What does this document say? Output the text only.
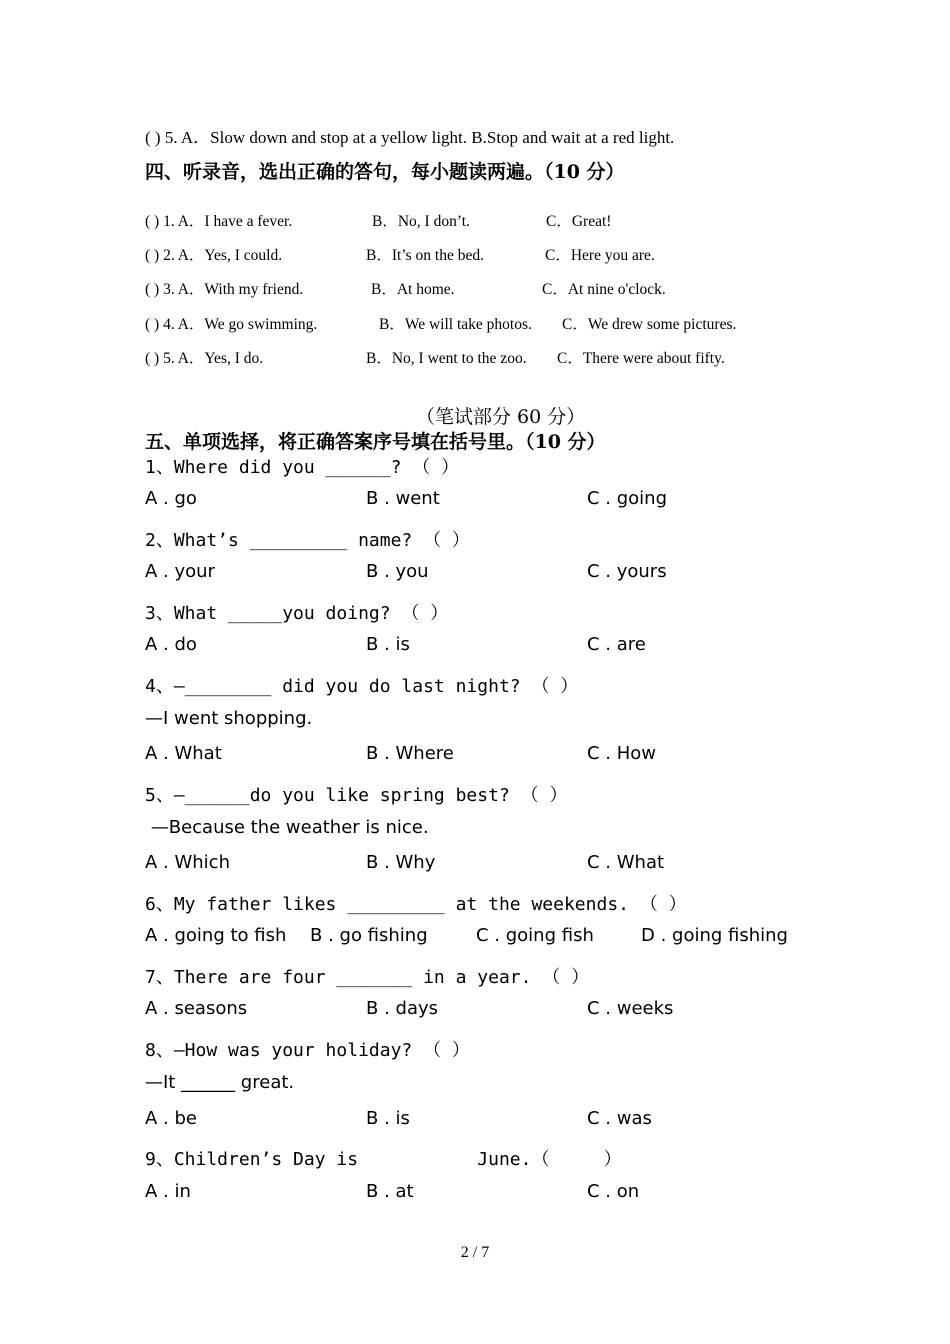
( ) 5. A．Slow down and stop at a yellow light. B.Stop and wait at a red light.
四、听录音，选出正确的答句，每小题读两遍。（10 分）
( ) 1. A．I have a fever.	B．No, I don’t.	C．Great!
( ) 2. A．Yes, I could.	B．It’s on the bed.	C．Here you are.
( ) 3. A．With my friend.	B．At home.	C．At nine o'clock.
( ) 4. A．We go swimming.	B．We will take photos. C．We drew some pictures.
( ) 5. A．Yes, I do.	B．No, I went to the zoo. C．There were about fifty.
（笔试部分 60 分）
五、单项选择，将正确答案序号填在括号里。（10 分）
1、Where did you ______? （ ）
A . go	B . went	C . going
2、What’s _________ name? （ ）
A . your	B . you	C . yours
3、What _____you doing? （ ）
A . do	B . is	C . are
4、—________ did you do last night? （ ）
—I went shopping.
A . What	B . Where	C . How
5、—______do you like spring best? （ ）
—Because the weather is nice.
A . Which	B . Why	C . What
6、My father likes _________ at the weekends. （ ）
A . going to fish B . go fishing	C . going fish	D . going fishing
7、There are four _______ in a year. （ ）
A . seasons	B . days	C . weeks
8、—How was your holiday? （ ）
—It ______ great.
A . be	B . is	C . was
9、Children’s Day is           June.（     ）
A . in	B . at	C . on
2 / 7
